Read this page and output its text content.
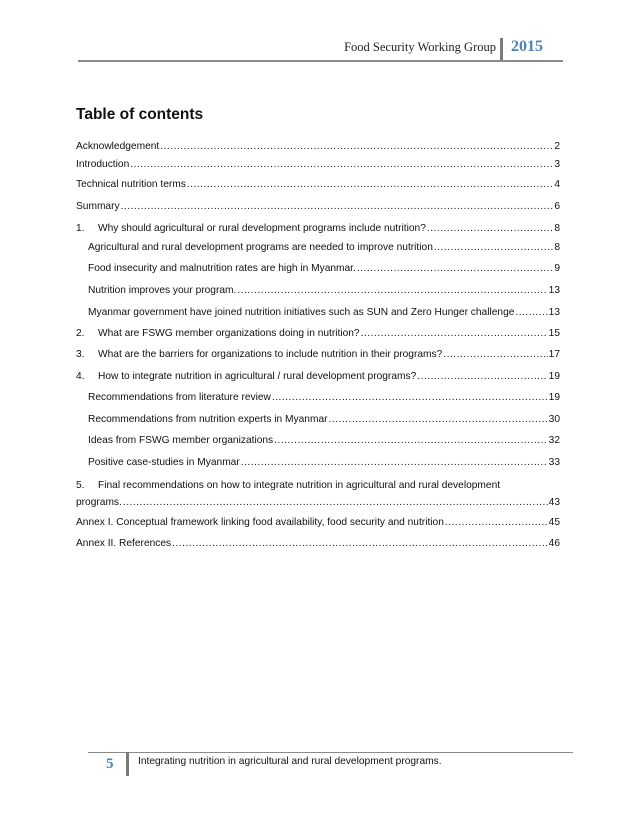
Food Security Working Group 2015
Table of contents
Acknowledgement .....	2
Introduction .....	3
Technical nutrition terms .....	4
Summary .....	6
1.	Why should agricultural or rural development programs include nutrition? .....	8
Agricultural and rural development programs are needed to improve nutrition .....	8
Food insecurity and malnutrition rates are high in Myanmar. .....	9
Nutrition improves your program. .....	13
Myanmar government have joined nutrition initiatives such as SUN and Zero Hunger challenge .....	13
2.	What are FSWG member organizations doing in nutrition? .....	15
3.	What are the barriers for organizations to include nutrition in their programs? .....	17
4.	How to integrate nutrition in agricultural / rural development programs? .....	19
Recommendations from literature review .....	19
Recommendations from nutrition experts in Myanmar .....	30
Ideas from FSWG member organizations .....	32
Positive case-studies in Myanmar .....	33
5. Final recommendations on how to integrate nutrition in agricultural and rural development
programs. .....	43
Annex I. Conceptual framework linking food availability, food security and nutrition .....	45
Annex II. References .....	46
5 Integrating nutrition in agricultural and rural development programs.
